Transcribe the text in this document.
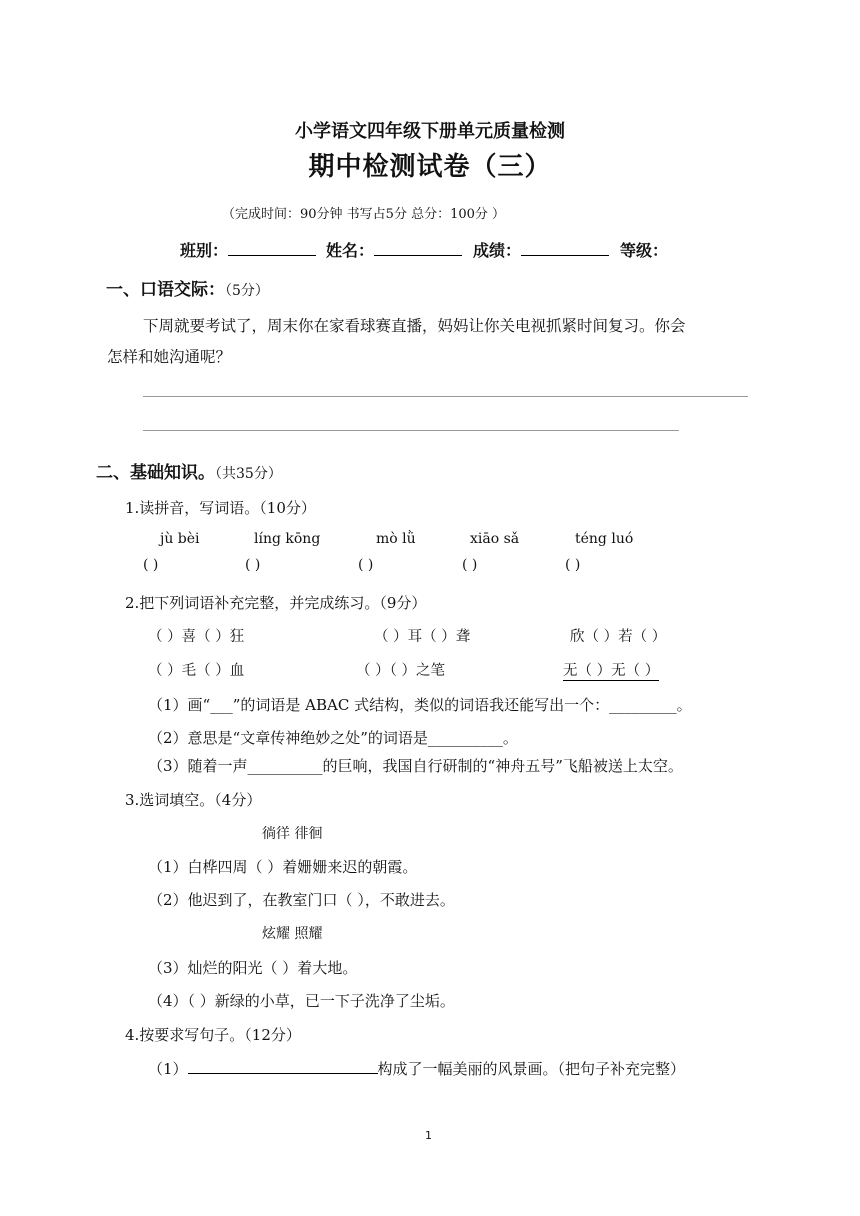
小学语文四年级下册单元质量检测
期中检测试卷（三）
（完成时间：90分钟 书写占5分 总分：100分 ）
班别：	姓名：	成绩：	等级：
一、口语交际：（5分）
下周就要考试了，周末你在家看球赛直播，妈妈让你关电视抓紧时间复习。你会
怎样和她沟通呢？
二、基础知识。（共35分）
1.读拼音，写词语。（10分）
jù bèi	líng kōng	mò lǜ	xiāo sǎ	téng luó
( )	( )	( )	( )	( )
2.把下列词语补充完整，并完成练习。（9分）
（ ）喜（ ）狂	（ ）耳（ ）聋	欣（ ）若（ ）
（ ）毛（ ）血	（ ）（ ）之笔	无（ ）无（ ）
（1）画“___”的词语是 ABAC 式结构，类似的词语我还能写出一个：_________。
（2）意思是“文章传神绝妙之处”的词语是__________。
（3）随着一声__________的巨响，我国自行研制的“神舟五号”飞船被送上太空。
3.选词填空。（4分）
徜徉 徘徊
（1）白桦四周（ ）着姗姗来迟的朝霞。
（2）他迟到了，在教室门口（ ），不敢进去。
炫耀 照耀
（3）灿烂的阳光（ ）着大地。
（4）（ ）新绿的小草，已一下子洗净了尘垢。
4.按要求写句子。（12分）
（1）	构成了一幅美丽的风景画。（把句子补充完整）
1
